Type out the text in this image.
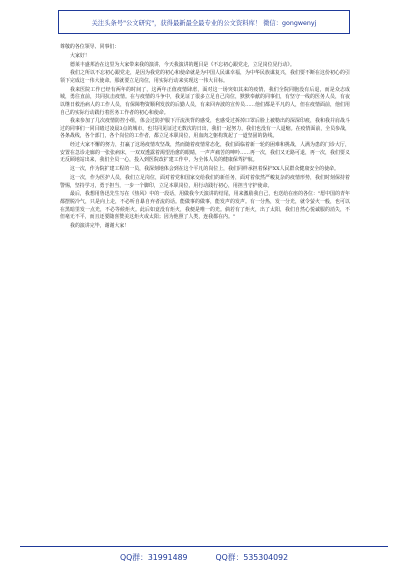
关注头条号"公文研究"，获得最新最全最专业的公文资料库！ 微信：gongwenyj

尊敬的各位领导、同事们：

大家好！

德莱丰盛邦治在这里为大家带来我的演讲，今天我演讲的题目是《不忘初心跟党走，立足岗位见行动》。

我们之所以不忘初心跟党走，是因为我党的初心和使命就是为中国人民谋幸福，为中华民族谋复兴，我们要不断在这份初心的引领下完成这一伟大使命。那就要立足岗位，用实际行动来实现这一伟大目标。

我来医院工作已经有两年的时间了，这两年正值疫情肆虐，面对这一场突如其来的疫情，我们全院同胞没有后退，而是众志成城，勇往直前，共同抗击疫情。在与疫情的斗争中，我见证了很多立足自己岗位，默默奉献的同事们，有坚守一线的医务人员，有夜以继日救治病人的工作人员，有保障物资顺利发放的后勤人员，有来回奔波的宣传员……他们都是平凡的人，但在疫情面前，他们用自己的实际行动践行着医务工作者的初心和使命。

我来参加了几次疫情防控小组，体会过防护服下汗流浃背的感受，也感受过拆掉口罩后脸上被勒出的深深印痕，我和我并肩战斗过的同事们一同目睹过凌晨3点的城市，也共同见证过无数次的日出，我们一起努力，我们也没有一人退缩。在疫情面前，全员参战，各条战线，各个部门，各个岗位的工作者，都立足本职岗位，用血肉之躯构筑起了一道坚固的防线。

经过大家不懈的努力，打赢了这场疫情攻坚战，然而随着疫情常态化，我们面临着新一轮的困难和挑战，人满为患的门诊大厅，安置在急诊走廊的一张张病床，一双双透露着渴望治愈的眼睛，一声声痛苦的呻吟……再一次，我们又无路可退，再一次，我们要义无反顾地站出来，我们全员一心，投入到医院改扩建工作中，为全体人员的健康保驾护航。

这一次，作为院扩建工程的一员，我深刻地体会到在这个平凡的岗位上，我们同样承担着保护XX人民群众健康安全的使命。

这一次，作为医护人员，我们立足岗位，面对着党和国家交给我们的新任务，面对着依然严峻复杂的疫情形势，我们时刻保持着警惕，坚持学习，勇于担当，一步一个脚印，立足本职岗位，用行动践行初心，用担当守护使命。

最后，我想用鲁迅先生写在《热风》中的一段话，用做我今天演讲的结尾，用来激励我自己，也送给在座的各位："愿中国的青年都摆脱冷气，只是向上走，不必听自暴自弃者流的话。能做事的做事，能发声的发声。有一分热，发一分光，就令萤火一般，也可以在黑暗里发一点光，不必等候炬火。此后如竟没有炬火，我便是唯一的光。倘若有了炬火，出了太阳，我们自然心悦诚服的消失，不但毫无不平，而且还要随喜赞美这炬火或太阳；因为他照了人类，连我都在内。"

我的演讲完毕，谢谢大家！

QQ群：31991489	QQ群：535304092
